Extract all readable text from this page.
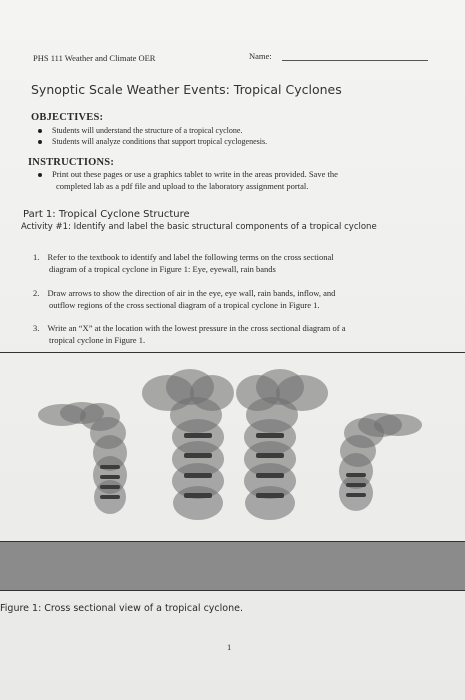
PHS 111 Weather and Climate OER	Name:
Synoptic Scale Weather Events: Tropical Cyclones
OBJECTIVES:
Students will understand the structure of a tropical cyclone.
Students will analyze conditions that support tropical cyclogenesis.
INSTRUCTIONS:
Print out these pages or use a graphics tablet to write in the areas provided. Save the
completed lab as a pdf file and upload to the laboratory assignment portal.
Part 1: Tropical Cyclone Structure
Activity #1: Identify and label the basic structural components of a tropical cyclone
1. Refer to the textbook to identify and label the following terms on the cross sectional
diagram of a tropical cyclone in Figure 1: Eye, eyewall, rain bands
2. Draw arrows to show the direction of air in the eye, eye wall, rain bands, inflow, and
outflow regions of the cross sectional diagram of a tropical cyclone in Figure 1.
3. Write an “X” at the location with the lowest pressure in the cross sectional diagram of a
tropical cyclone in Figure 1.
Figure 1: Cross sectional view of a tropical cyclone.
1
